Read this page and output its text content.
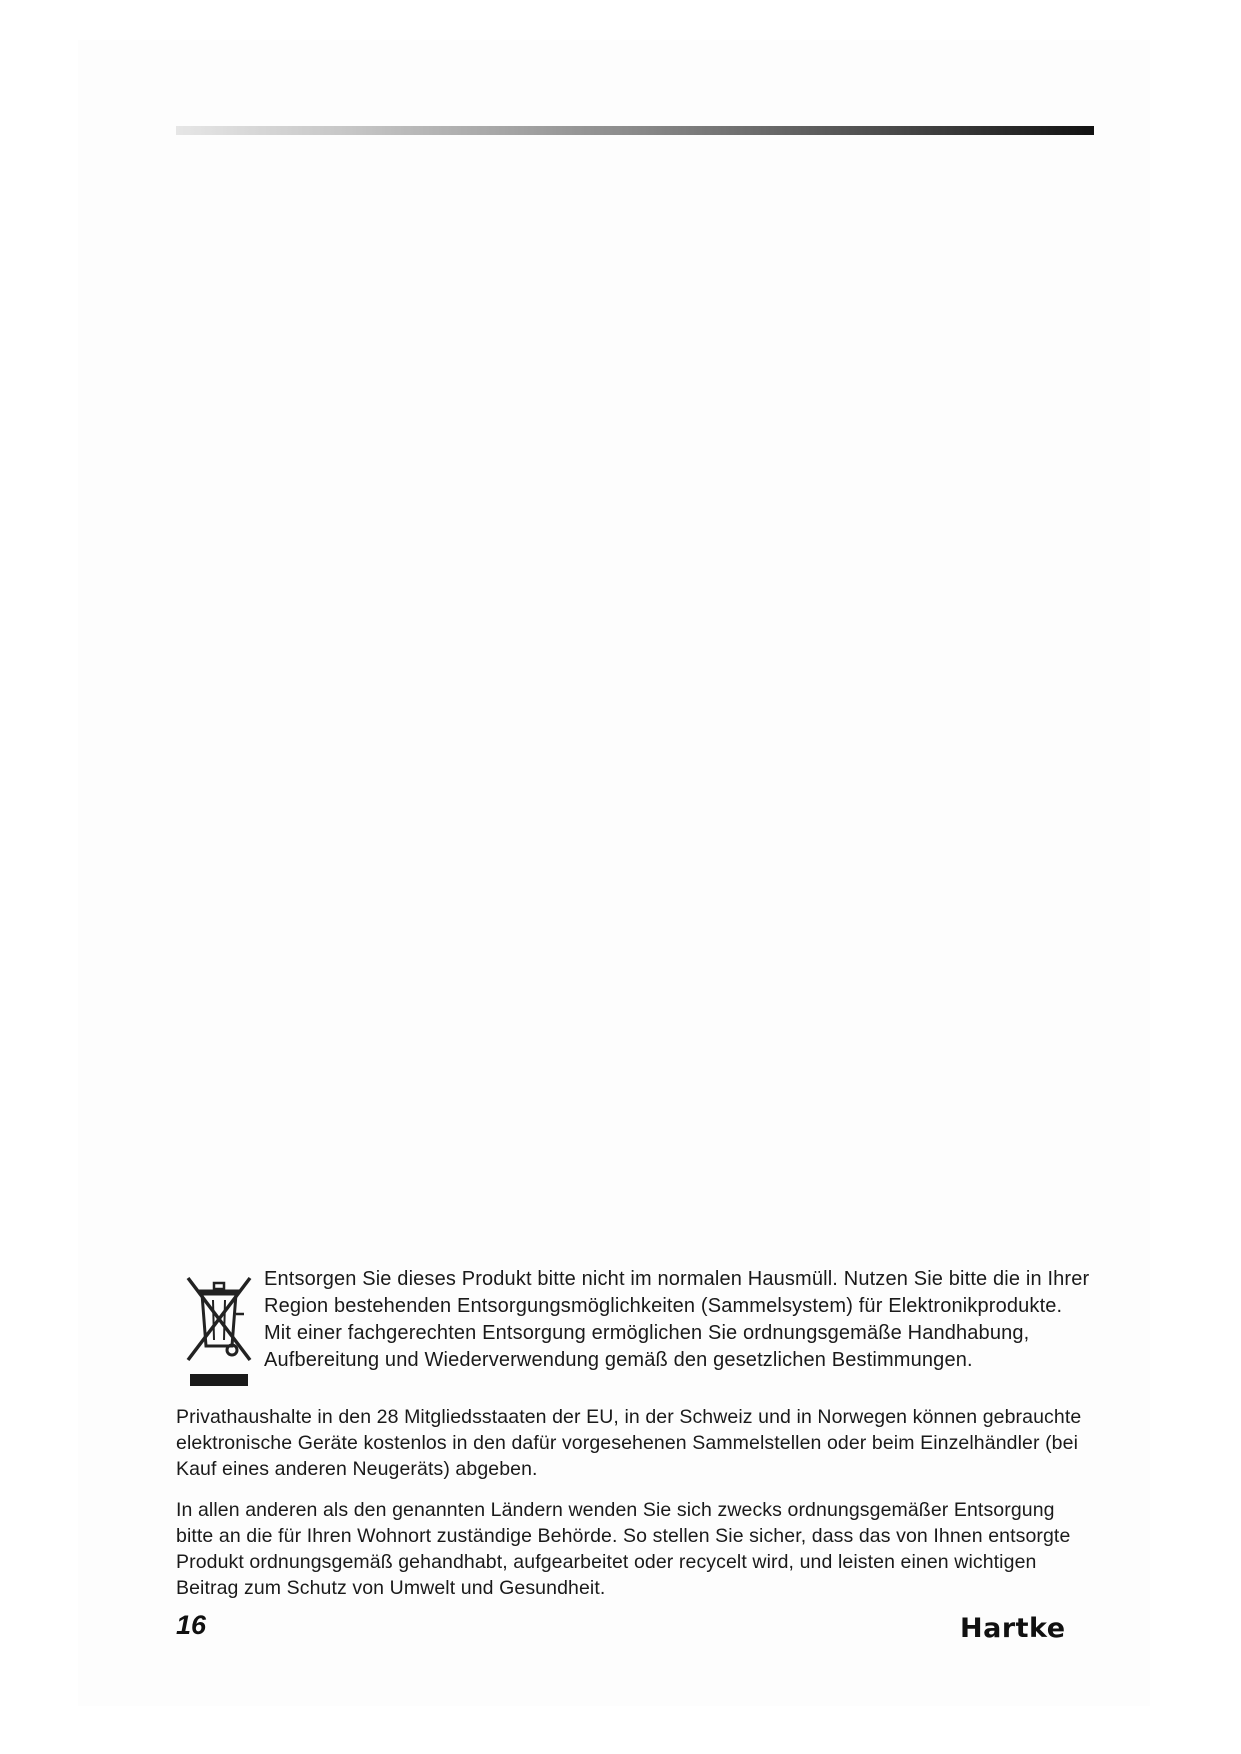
Entsorgen Sie dieses Produkt bitte nicht im normalen Hausmüll. Nutzen Sie bitte die in Ihrer Region bestehenden Entsorgungsmöglichkeiten (Sammelsystem) für Elektronikprodukte. Mit einer fachgerechten Entsorgung ermöglichen Sie ordnungsgemäße Handhabung, Aufbereitung und Wiederverwendung gemäß den gesetzlichen Bestimmungen.

Privathaushalte in den 28 Mitgliedsstaaten der EU, in der Schweiz und in Norwegen können gebrauchte elektronische Geräte kostenlos in den dafür vorgesehenen Sammelstellen oder beim Einzelhändler (bei Kauf eines anderen Neugeräts) abgeben.

In allen anderen als den genannten Ländern wenden Sie sich zwecks ordnungsgemäßer Entsorgung bitte an die für Ihren Wohnort zuständige Behörde. So stellen Sie sicher, dass das von Ihnen entsorgte Produkt ordnungsgemäß gehandhabt, aufgearbeitet oder recycelt wird, und leisten einen wichtigen Beitrag zum Schutz von Umwelt und Gesundheit.

16	Hartke
